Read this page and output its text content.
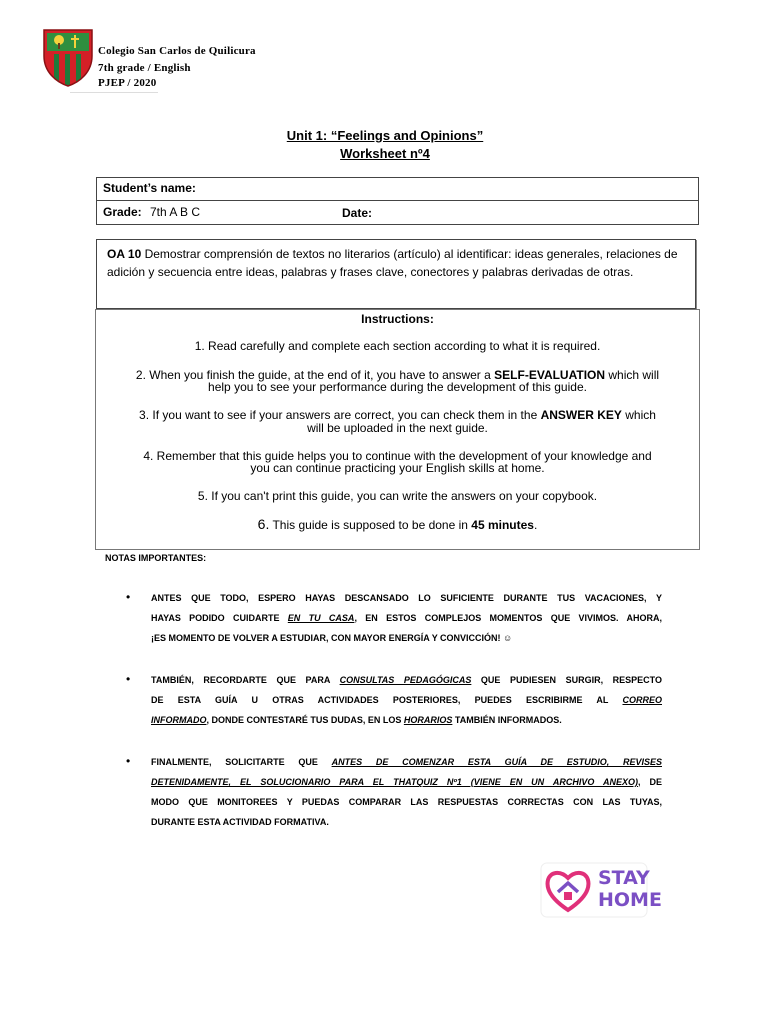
Colegio San Carlos de Quilicura
7th grade / English
PJEP / 2020
Unit 1: “Feelings and Opinions”
Worksheet nº4
Student’s name:
Grade: 7th A B C	Date:
OA 10 Demostrar comprensión de textos no literarios (artículo) al identificar: ideas generales, relaciones de adición y secuencia entre ideas, palabras y frases clave, conectores y palabras derivadas de otras.
Instructions:
1. Read carefully and complete each section according to what it is required.
2. When you finish the guide, at the end of it, you have to answer a SELF-EVALUATION which will
help you to see your performance during the development of this guide.
3. If you want to see if your answers are correct, you can check them in the ANSWER KEY which
will be uploaded in the next guide.
4. Remember that this guide helps you to continue with the development of your knowledge and
you can continue practicing your English skills at home.
5. If you can't print this guide, you can write the answers on your copybook.
6. This guide is supposed to be done in 45 minutes.
NOTAS IMPORTANTES:
• ANTES QUE TODO, ESPERO HAYAS DESCANSADO LO SUFICIENTE DURANTE TUS VACACIONES, Y
HAYAS PODIDO CUIDARTE EN TU CASA, EN ESTOS COMPLEJOS MOMENTOS QUE VIVIMOS. AHORA,
¡ES MOMENTO DE VOLVER A ESTUDIAR, CON MAYOR ENERGÍA Y CONVICCIÓN! ☺
• TAMBIÉN, RECORDARTE QUE PARA CONSULTAS PEDAGÓGICAS QUE PUDIESEN SURGIR, RESPECTO
DE ESTA GUÍA U OTRAS ACTIVIDADES POSTERIORES, PUEDES ESCRIBIRME AL CORREO
INFORMADO, DONDE CONTESTARÉ TUS DUDAS, EN LOS HORARIOS TAMBIÉN INFORMADOS.
• FINALMENTE, SOLICITARTE QUE ANTES DE COMENZAR ESTA GUÍA DE ESTUDIO, REVISES
DETENIDAMENTE, EL SOLUCIONARIO PARA EL THATQUIZ Nº1 (VIENE EN UN ARCHIVO ANEXO), DE
MODO QUE MONITOREES Y PUEDAS COMPARAR LAS RESPUESTAS CORRECTAS CON LAS TUYAS,
DURANTE ESTA ACTIVIDAD FORMATIVA.
STAY
HOME
